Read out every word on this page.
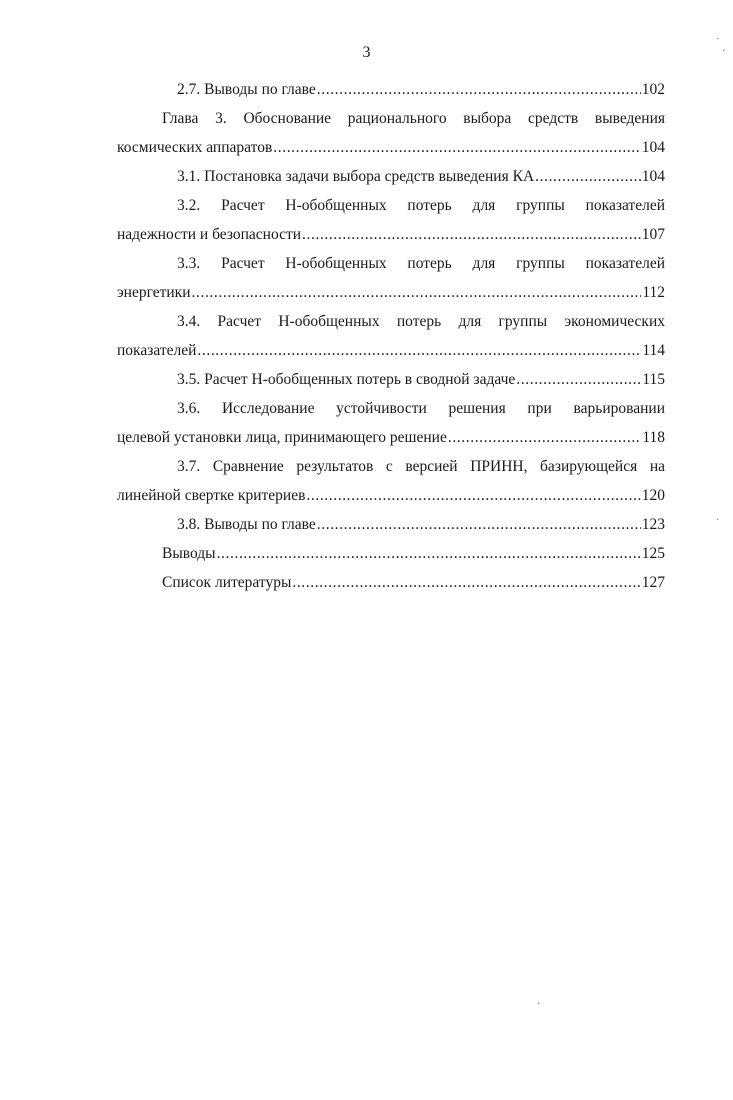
3
2.7. Выводы по главе .....	102
Глава 3. Обоснование рационального выбора средств выведения
космических аппаратов .....	104
3.1. Постановка задачи выбора средств выведения КА .....	104
3.2. Расчет Н-обобщенных потерь для группы показателей
надежности и безопасности .....	107
3.3. Расчет Н-обобщенных потерь для группы показателей
энергетики .....	112
3.4. Расчет Н-обобщенных потерь для группы экономических
показателей .....	114
3.5. Расчет Н-обобщенных потерь в сводной задаче .....	115
3.6. Исследование устойчивости решения при варьировании
целевой установки лица, принимающего решение .....	118
3.7. Сравнение результатов с версией ПРИНН, базирующейся на
линейной свертке критериев .....	120
3.8. Выводы по главе .....	123
Выводы .....	125
Список литературы .....	127
˙
·
·
·
